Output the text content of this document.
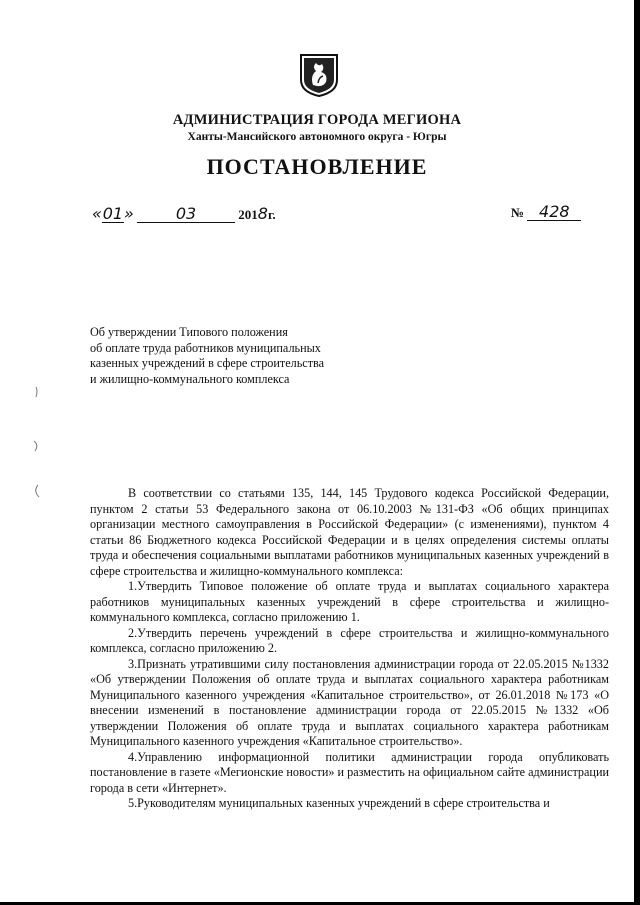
АДМИНИСТРАЦИЯ ГОРОДА МЕГИОНА
Ханты-Мансийского автономного округа - Югры
ПОСТАНОВЛЕНИЕ
«01»	03	2018г.	№ 428
Об утверждении Типового положения
об оплате труда работников муниципальных
казенных учреждений в сфере строительства
и жилищно-коммунального комплекса

В соответствии со статьями 135, 144, 145 Трудового кодекса Российской Федерации, пунктом 2 статьи 53 Федерального закона от 06.10.2003 №131-ФЗ «Об общих принципах организации местного самоуправления в Российской Федерации» (с изменениями), пунктом 4 статьи 86 Бюджетного кодекса Российской Федерации и в целях определения системы оплаты труда и обеспечения социальными выплатами работников муниципальных казенных учреждений в сфере строительства и жилищно-коммунального комплекса:

1.Утвердить Типовое положение об оплате труда и выплатах социального характера работников муниципальных казенных учреждений в сфере строительства и жилищно-коммунального комплекса, согласно приложению 1.

2.Утвердить перечень учреждений в сфере строительства и жилищно-коммунального комплекса, согласно приложению 2.

3.Признать утратившими силу постановления администрации города от 22.05.2015 №1332 «Об утверждении Положения об оплате труда и выплатах социального характера работникам Муниципального казенного учреждения «Капитальное строительство», от 26.01.2018 №173 «О внесении изменений в постановление администрации города от 22.05.2015 №1332 «Об утверждении Положения об оплате труда и выплатах социального характера работникам Муниципального казенного учреждения «Капитальное строительство».

4.Управлению информационной политики администрации города опубликовать постановление в газете «Мегионские новости» и разместить на официальном сайте администрации города в сети «Интернет».

5.Руководителям муниципальных казенных учреждений в сфере строительства и
